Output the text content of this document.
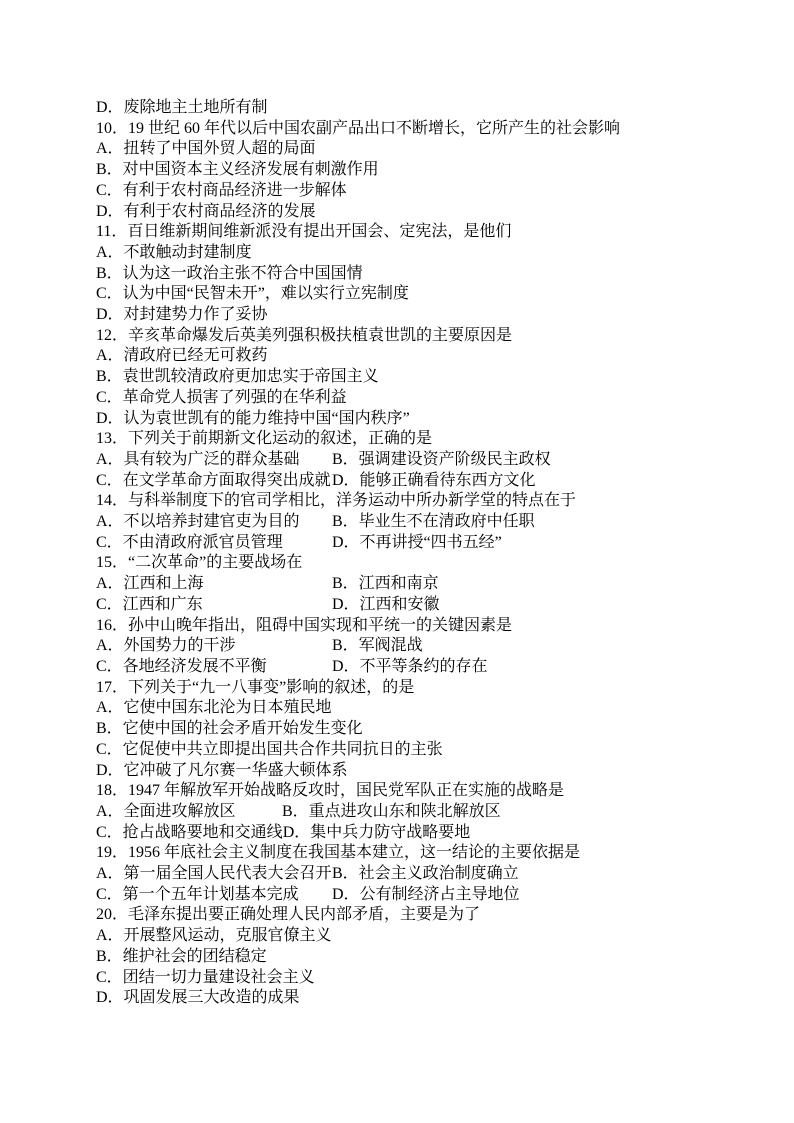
D．废除地主土地所有制
10．19 世纪 60 年代以后中国农副产品出口不断增长，它所产生的社会影响
A．扭转了中国外贸人超的局面
B．对中国资本主义经济发展有刺激作用
C．有利于农村商品经济进一步解体
D．有利于农村商品经济的发展
11．百日维新期间维新派没有提出开国会、定宪法，是他们
A．不敢触动封建制度
B．认为这一政治主张不符合中国国情
C．认为中国“民智未开”，难以实行立宪制度
D．对封建势力作了妥协
12．辛亥革命爆发后英美列强积极扶植袁世凯的主要原因是
A．清政府已经无可救药
B．袁世凯较清政府更加忠实于帝国主义
C．革命党人损害了列强的在华利益
D．认为袁世凯有的能力维持中国“国内秩序”
13．下列关于前期新文化运动的叙述，正确的是
A．具有较为广泛的群众基础 B．强调建设资产阶级民主政权
C．在文学革命方面取得突出成就D．能够正确看待东西方文化
14．与科举制度下的官司学相比，洋务运动中所办新学堂的特点在于
A．不以培养封建官吏为目的 B．毕业生不在清政府中任职
C．不由清政府派官员管理	D．不再讲授“四书五经”
15．“二次革命”的主要战场在
A．江西和上海	B．江西和南京
C．江西和广东	D．江西和安徽
16．孙中山晚年指出，阻碍中国实现和平统一的关键因素是
A．外国势力的干涉	B．军阀混战
C．各地经济发展不平衡	D．不平等条约的存在
17．下列关于“九一八事变”影响的叙述，的是
A．它使中国东北沦为日本殖民地
B．它使中国的社会矛盾开始发生变化
C．它促使中共立即提出国共合作共同抗日的主张
D．它冲破了凡尔赛一华盛大顿体系
18．1947 年解放军开始战略反攻时，国民党军队正在实施的战略是
A．全面进攻解放区	B．重点进攻山东和陕北解放区
C．抢占战略要地和交通线D．集中兵力防守战略要地
19．1956 年底社会主义制度在我国基本建立，这一结论的主要依据是
A．第一届全国人民代表大会召开B．社会主义政治制度确立
C．第一个五年计划基本完成 D．公有制经济占主导地位
20．毛泽东提出要正确处理人民内部矛盾，主要是为了
A．开展整风运动，克服官僚主义
B．维护社会的团结稳定
C．团结一切力量建设社会主义
D．巩固发展三大改造的成果
